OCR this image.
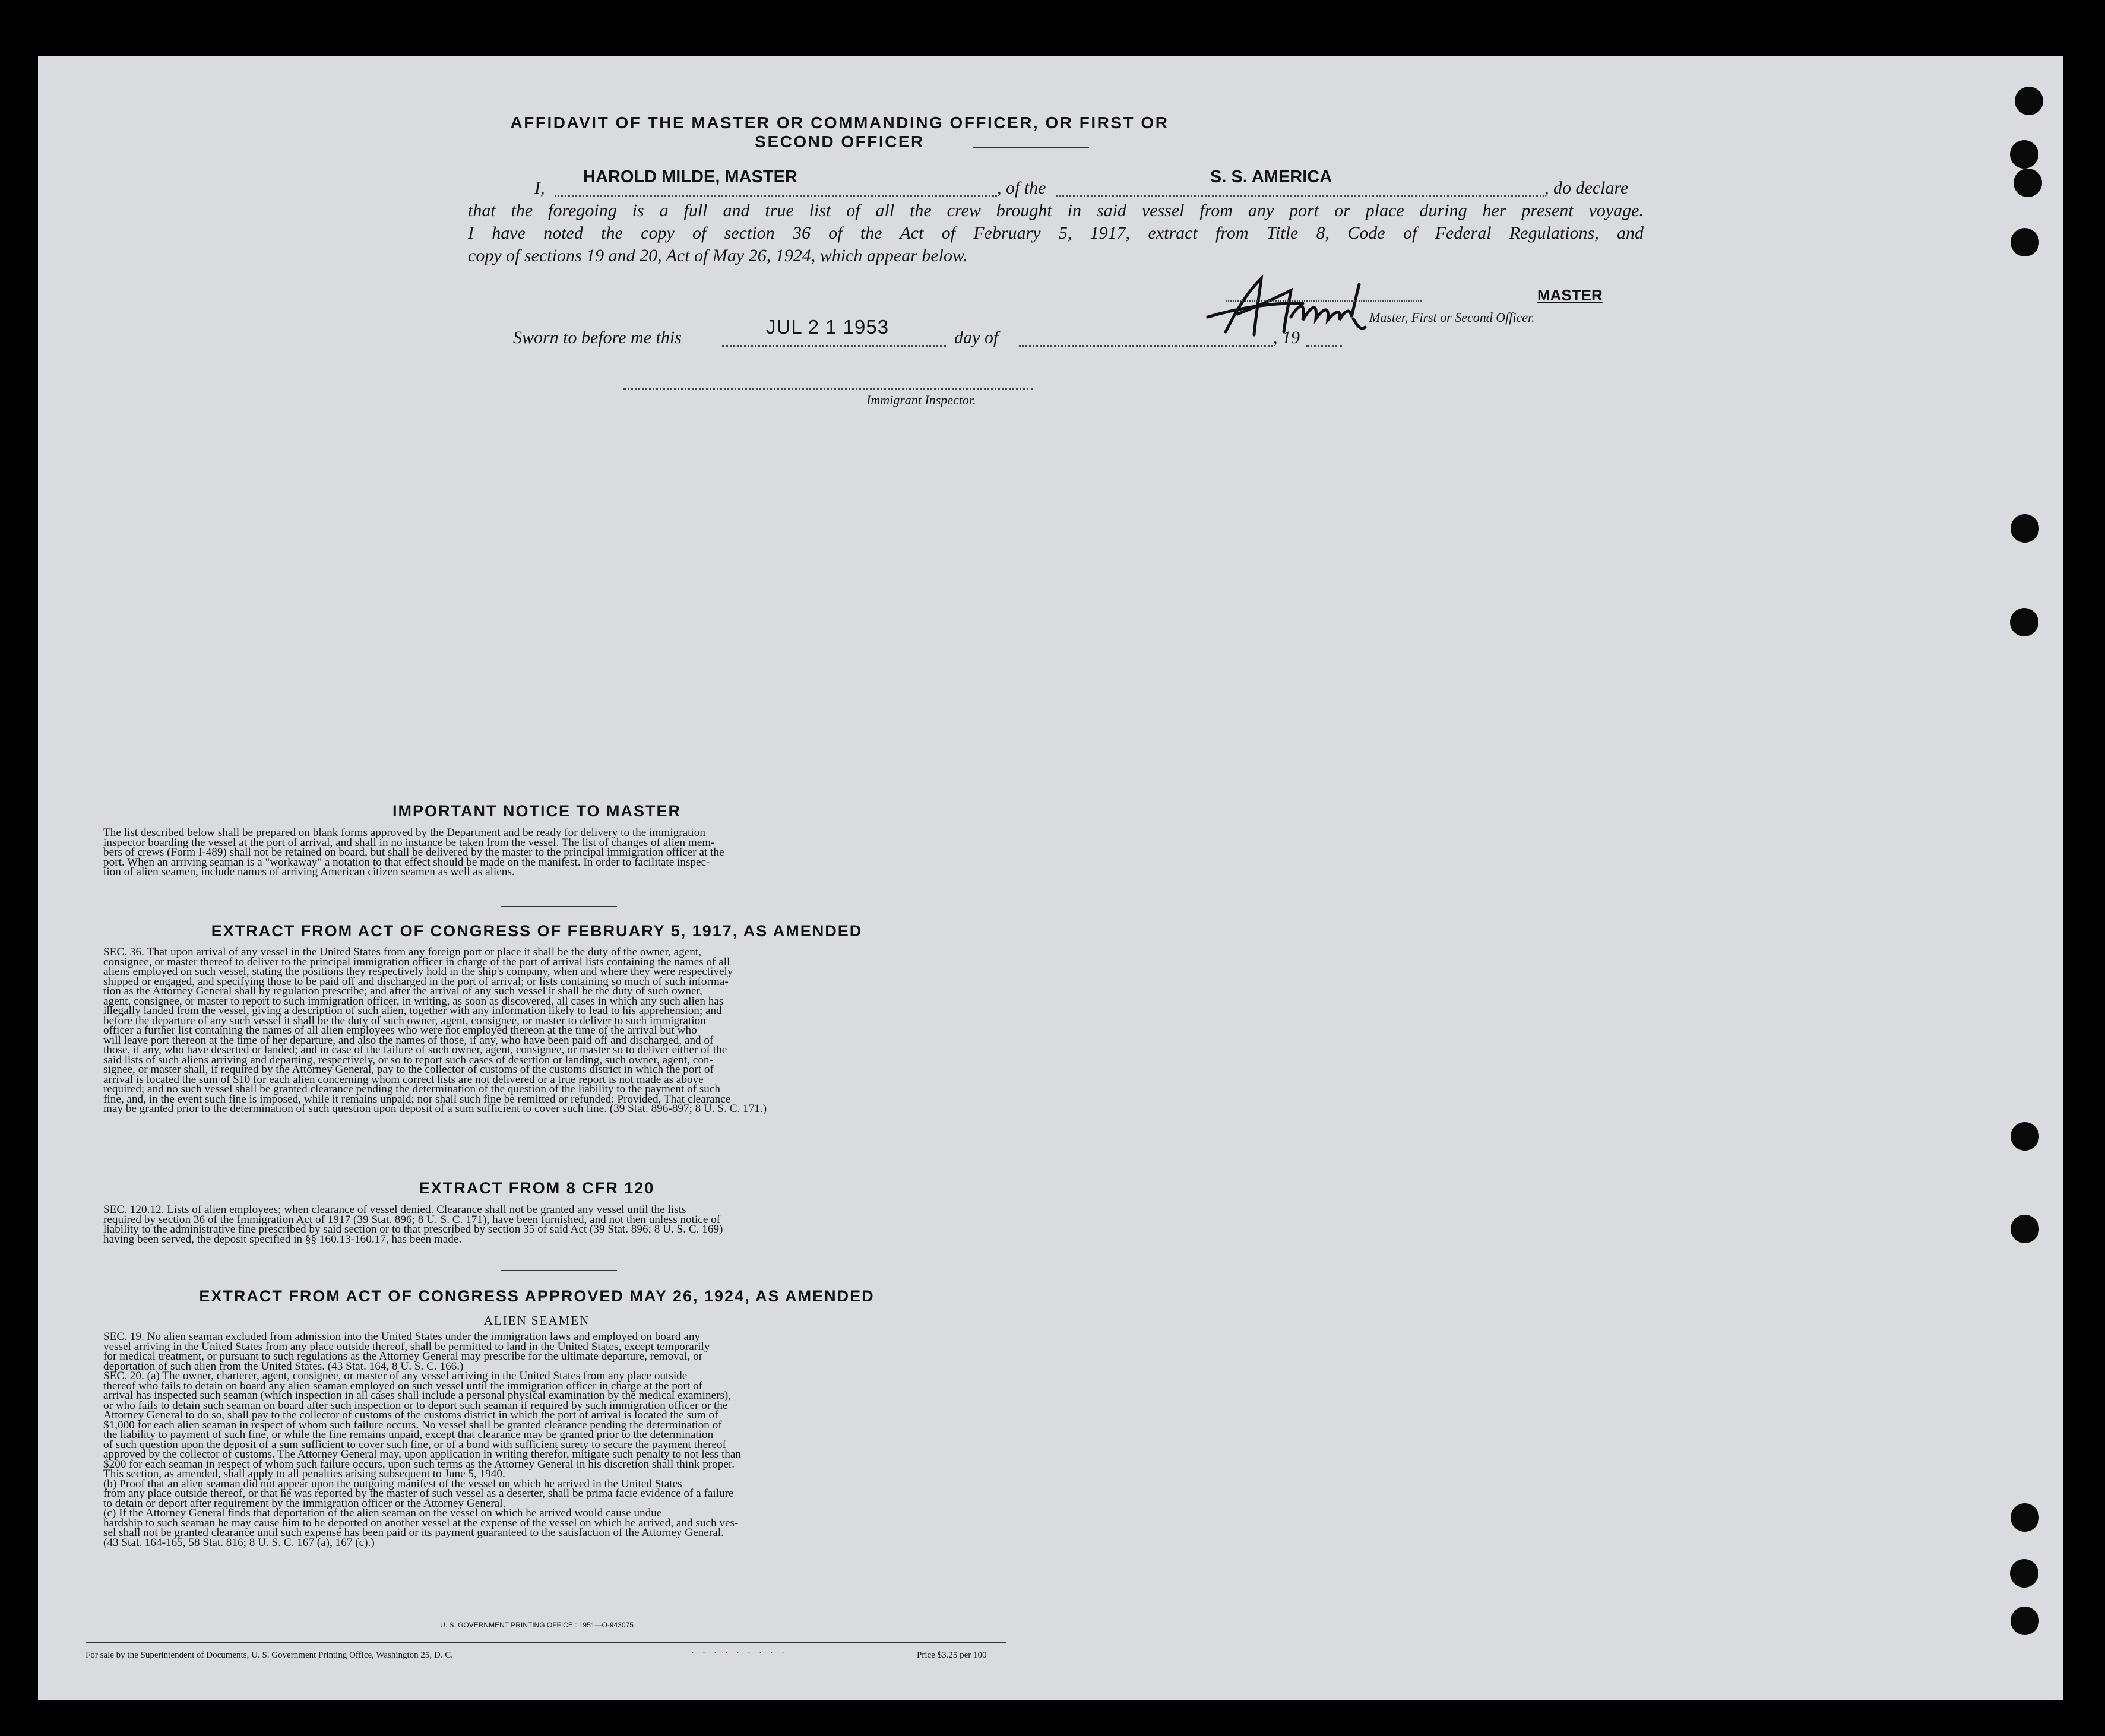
AFFIDAVIT OF THE MASTER OR COMMANDING OFFICER, OR FIRST OR SECOND OFFICER
I,
HAROLD MILDE, MASTER
, of the
S. S. AMERICA
, do declare
that the foregoing is a full and true list of all the crew brought in said vessel from any port or place during her present voyage.
I have noted the copy of section 36 of the Act of February 5, 1917, extract from Title 8, Code of Federal Regulations, and
copy of sections 19 and 20, Act of May 26, 1924, which appear below.
MASTER
Master, First or Second Officer.
Sworn to before me this	JUL 2 1 1953	day of	, 19
Immigrant Inspector.
IMPORTANT NOTICE TO MASTER
The list described below shall be prepared on blank forms approved by the Department and be ready for delivery to the immigration
inspector boarding the vessel at the port of arrival, and shall in no instance be taken from the vessel. The list of changes of alien mem-
bers of crews (Form I-489) shall not be retained on board, but shall be delivered by the master to the principal immigration officer at the
port. When an arriving seaman is a "workaway" a notation to that effect should be made on the manifest. In order to facilitate inspec-
tion of alien seamen, include names of arriving American citizen seamen as well as aliens.
EXTRACT FROM ACT OF CONGRESS OF FEBRUARY 5, 1917, AS AMENDED
SEC. 36. That upon arrival of any vessel in the United States from any foreign port or place it shall be the duty of the owner, agent,
consignee, or master thereof to deliver to the principal immigration officer in charge of the port of arrival lists containing the names of all
aliens employed on such vessel, stating the positions they respectively hold in the ship's company, when and where they were respectively
shipped or engaged, and specifying those to be paid off and discharged in the port of arrival; or lists containing so much of such informa-
tion as the Attorney General shall by regulation prescribe; and after the arrival of any such vessel it shall be the duty of such owner,
agent, consignee, or master to report to such immigration officer, in writing, as soon as discovered, all cases in which any such alien has
illegally landed from the vessel, giving a description of such alien, together with any information likely to lead to his apprehension; and
before the departure of any such vessel it shall be the duty of such owner, agent, consignee, or master to deliver to such immigration
officer a further list containing the names of all alien employees who were not employed thereon at the time of the arrival but who
will leave port thereon at the time of her departure, and also the names of those, if any, who have been paid off and discharged, and of
those, if any, who have deserted or landed; and in case of the failure of such owner, agent, consignee, or master so to deliver either of the
said lists of such aliens arriving and departing, respectively, or so to report such cases of desertion or landing, such owner, agent, con-
signee, or master shall, if required by the Attorney General, pay to the collector of customs of the customs district in which the port of
arrival is located the sum of $10 for each alien concerning whom correct lists are not delivered or a true report is not made as above
required; and no such vessel shall be granted clearance pending the determination of the question of the liability to the payment of such
fine, and, in the event such fine is imposed, while it remains unpaid; nor shall such fine be remitted or refunded: Provided, That clearance
may be granted prior to the determination of such question upon deposit of a sum sufficient to cover such fine. (39 Stat. 896-897; 8 U. S. C. 171.)
EXTRACT FROM 8 CFR 120
SEC. 120.12. Lists of alien employees; when clearance of vessel denied. Clearance shall not be granted any vessel until the lists
required by section 36 of the Immigration Act of 1917 (39 Stat. 896; 8 U. S. C. 171), have been furnished, and not then unless notice of
liability to the administrative fine prescribed by said section or to that prescribed by section 35 of said Act (39 Stat. 896; 8 U. S. C. 169)
having been served, the deposit specified in §§ 160.13-160.17, has been made.
EXTRACT FROM ACT OF CONGRESS APPROVED MAY 26, 1924, AS AMENDED
ALIEN SEAMEN
SEC. 19. No alien seaman excluded from admission into the United States under the immigration laws and employed on board any
vessel arriving in the United States from any place outside thereof, shall be permitted to land in the United States, except temporarily
for medical treatment, or pursuant to such regulations as the Attorney General may prescribe for the ultimate departure, removal, or
deportation of such alien from the United States. (43 Stat. 164, 8 U. S. C. 166.)
SEC. 20. (a) The owner, charterer, agent, consignee, or master of any vessel arriving in the United States from any place outside
thereof who fails to detain on board any alien seaman employed on such vessel until the immigration officer in charge at the port of
arrival has inspected such seaman (which inspection in all cases shall include a personal physical examination by the medical examiners),
or who fails to detain such seaman on board after such inspection or to deport such seaman if required by such immigration officer or the
Attorney General to do so, shall pay to the collector of customs of the customs district in which the port of arrival is located the sum of
$1,000 for each alien seaman in respect of whom such failure occurs. No vessel shall be granted clearance pending the determination of
the liability to payment of such fine, or while the fine remains unpaid, except that clearance may be granted prior to the determination
of such question upon the deposit of a sum sufficient to cover such fine, or of a bond with sufficient surety to secure the payment thereof
approved by the collector of customs. The Attorney General may, upon application in writing therefor, mitigate such penalty to not less than
$200 for each seaman in respect of whom such failure occurs, upon such terms as the Attorney General in his discretion shall think proper.
This section, as amended, shall apply to all penalties arising subsequent to June 5, 1940.
(b) Proof that an alien seaman did not appear upon the outgoing manifest of the vessel on which he arrived in the United States
from any place outside thereof, or that he was reported by the master of such vessel as a deserter, shall be prima facie evidence of a failure
to detain or deport after requirement by the immigration officer or the Attorney General.
(c) If the Attorney General finds that deportation of the alien seaman on the vessel on which he arrived would cause undue
hardship to such seaman he may cause him to be deported on another vessel at the expense of the vessel on which he arrived, and such ves-
sel shall not be granted clearance until such expense has been paid or its payment guaranteed to the satisfaction of the Attorney General.
(43 Stat. 164-165, 58 Stat. 816; 8 U. S. C. 167 (a), 167 (c).)
U. S. GOVERNMENT PRINTING OFFICE : 1951—O-943075
For sale by the Superintendent of Documents, U. S. Government Printing Office, Washington 25, D. C.	·········	Price $3.25 per 100
